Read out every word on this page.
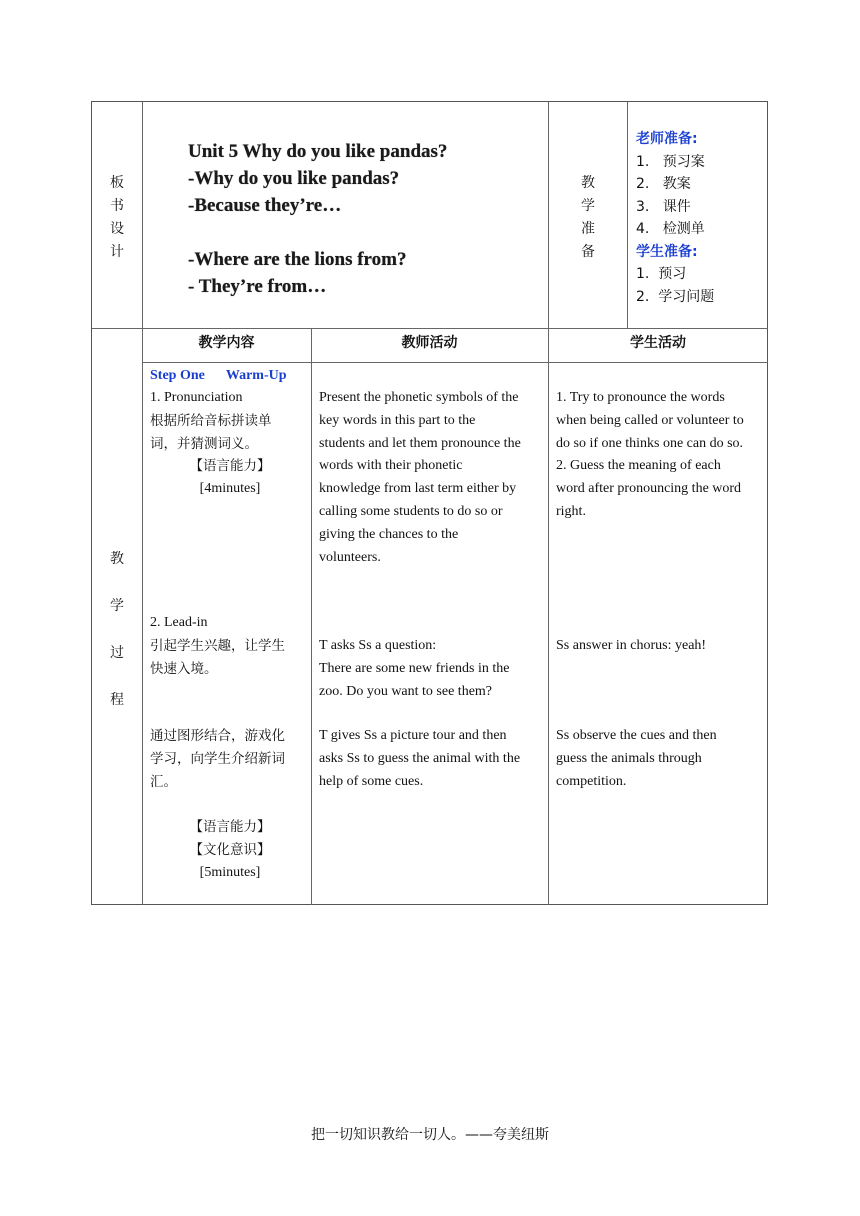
板
书
设
计
Unit 5 Why do you like pandas?
-Why do you like pandas?
-Because they’re…
-Where are the lions from?
- They’re from…
教
学
准
备
老师准备:
1.   预习案
2.   教案
3.   课件
4.   检测单
学生准备:
1.  预习
2.  学习问题
教
学
过
程
教学内容	教师活动	学生活动
Step One Warm-Up
1. Pronunciation
根据所给音标拼读单
词，并猜测词义。
【语言能力】
[4minutes]
2. Lead-in
引起学生兴趣，让学生
快速入境。
通过图形结合，游戏化
学习，向学生介绍新词
汇。
【语言能力】
【文化意识】
[5minutes]
Present the phonetic symbols of the
key words in this part to the
students and let them pronounce the
words with their phonetic
knowledge from last term either by
calling some students to do so or
giving the chances to the
volunteers.
T asks Ss a question:
There are some new friends in the
zoo. Do you want to see them?
T gives Ss a picture tour and then
asks Ss to guess the animal with the
help of some cues.
1. Try to pronounce the words
when being called or volunteer to
do so if one thinks one can do so.
2. Guess the meaning of each
word after pronouncing the word
right.
Ss answer in chorus: yeah!
Ss observe the cues and then
guess the animals through
competition.
把一切知识教给一切人。——夸美纽斯
